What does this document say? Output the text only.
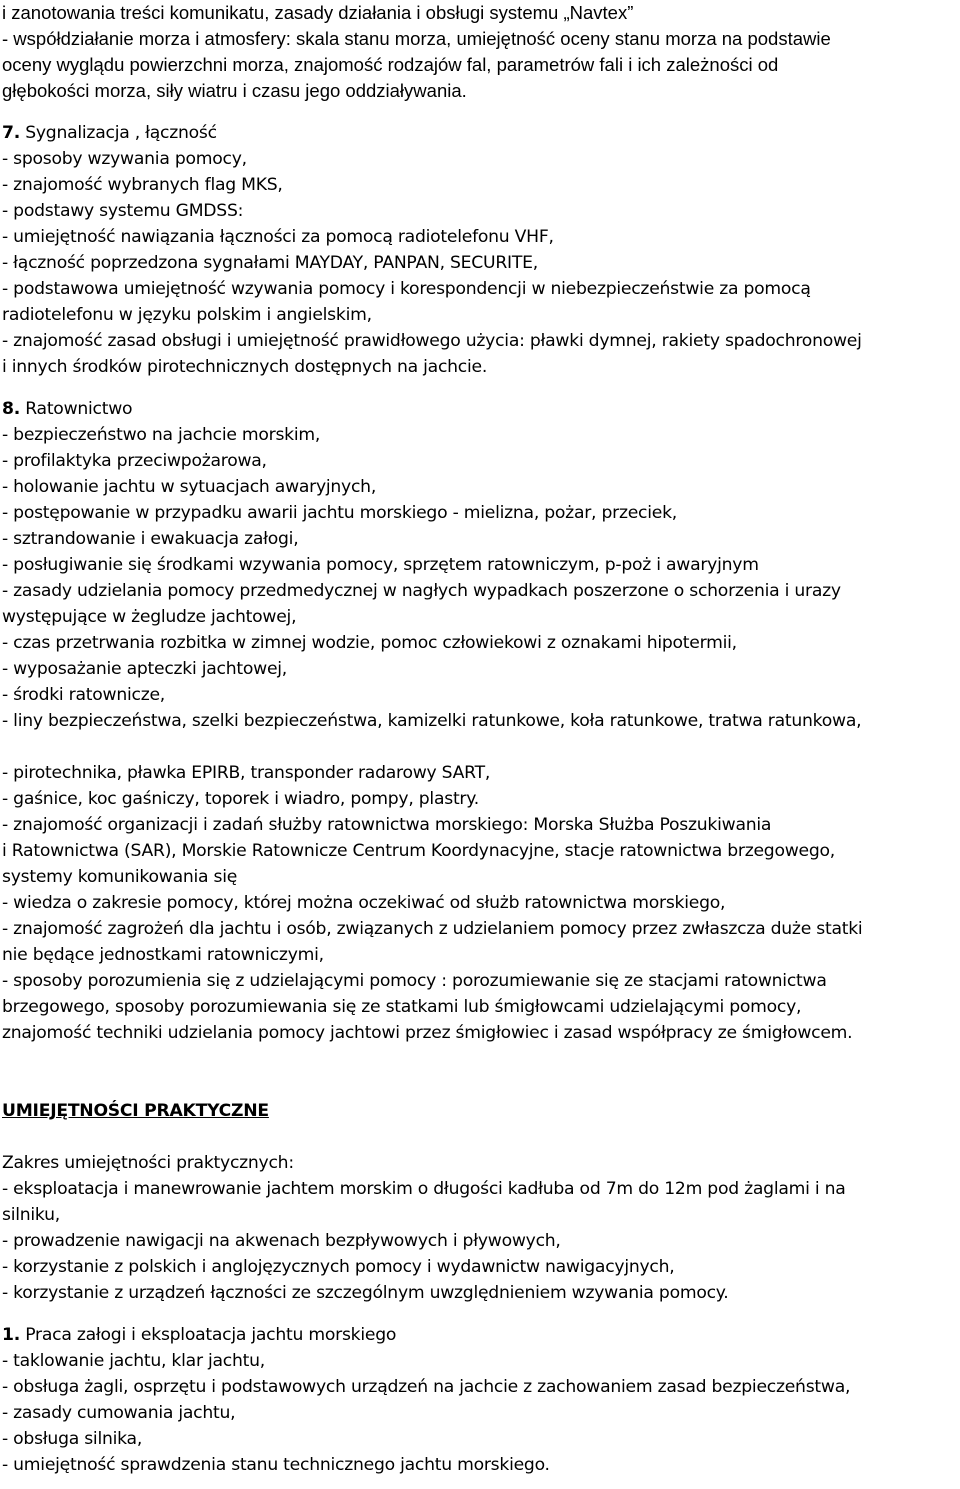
i zanotowania treści komunikatu, zasady działania i obsługi systemu „Navtex”
- współdziałanie morza i atmosfery: skala stanu morza, umiejętność oceny stanu morza na podstawie
oceny wyglądu powierzchni morza, znajomość rodzajów fal, parametrów fali i ich zależności od
głębokości morza, siły wiatru i czasu jego oddziaływania.
7. Sygnalizacja , łączność
- sposoby wzywania pomocy,
- znajomość wybranych flag MKS,
- podstawy systemu GMDSS:
- umiejętność nawiązania łączności za pomocą radiotelefonu VHF,
- łączność poprzedzona sygnałami MAYDAY, PANPAN, SECURITE,
- podstawowa umiejętność wzywania pomocy i korespondencji w niebezpieczeństwie za pomocą
radiotelefonu w języku polskim i angielskim,
- znajomość zasad obsługi i umiejętność prawidłowego użycia: pławki dymnej, rakiety spadochronowej
i innych środków pirotechnicznych dostępnych na jachcie.
8. Ratownictwo
- bezpieczeństwo na jachcie morskim,
- profilaktyka przeciwpożarowa,
- holowanie jachtu w sytuacjach awaryjnych,
- postępowanie w przypadku awarii jachtu morskiego - mielizna, pożar, przeciek,
- sztrandowanie i ewakuacja załogi,
- posługiwanie się środkami wzywania pomocy, sprzętem ratowniczym, p-poż i awaryjnym
- zasady udzielania pomocy przedmedycznej w nagłych wypadkach poszerzone o schorzenia i urazy
występujące w żegludze jachtowej,
- czas przetrwania rozbitka w zimnej wodzie, pomoc człowiekowi z oznakami hipotermii,
- wyposażanie apteczki jachtowej,
- środki ratownicze,
- liny bezpieczeństwa, szelki bezpieczeństwa, kamizelki ratunkowe, koła ratunkowe, tratwa ratunkowa,
- pirotechnika, pławka EPIRB, transponder radarowy SART,
- gaśnice, koc gaśniczy, toporek i wiadro, pompy, plastry.
- znajomość organizacji i zadań służby ratownictwa morskiego: Morska Służba Poszukiwania
i Ratownictwa (SAR), Morskie Ratownicze Centrum Koordynacyjne, stacje ratownictwa brzegowego,
systemy komunikowania się
- wiedza o zakresie pomocy, której można oczekiwać od służb ratownictwa morskiego,
- znajomość zagrożeń dla jachtu i osób, związanych z udzielaniem pomocy przez zwłaszcza duże statki
nie będące jednostkami ratowniczymi,
- sposoby porozumienia się z udzielającymi pomocy : porozumiewanie się ze stacjami ratownictwa
brzegowego, sposoby porozumiewania się ze statkami lub śmigłowcami udzielającymi pomocy,
znajomość techniki udzielania pomocy jachtowi przez śmigłowiec i zasad współpracy ze śmigłowcem.
UMIEJĘTNOŚCI PRAKTYCZNE
Zakres umiejętności praktycznych:
- eksploatacja i manewrowanie jachtem morskim o długości kadłuba od 7m do 12m pod żaglami i na
silniku,
- prowadzenie nawigacji na akwenach bezpływowych i pływowych,
- korzystanie z polskich i anglojęzycznych pomocy i wydawnictw nawigacyjnych,
- korzystanie z urządzeń łączności ze szczególnym uwzględnieniem wzywania pomocy.
1. Praca załogi i eksploatacja jachtu morskiego
- taklowanie jachtu, klar jachtu,
- obsługa żagli, osprzętu i podstawowych urządzeń na jachcie z zachowaniem zasad bezpieczeństwa,
- zasady cumowania jachtu,
- obsługa silnika,
- umiejętność sprawdzenia stanu technicznego jachtu morskiego.
